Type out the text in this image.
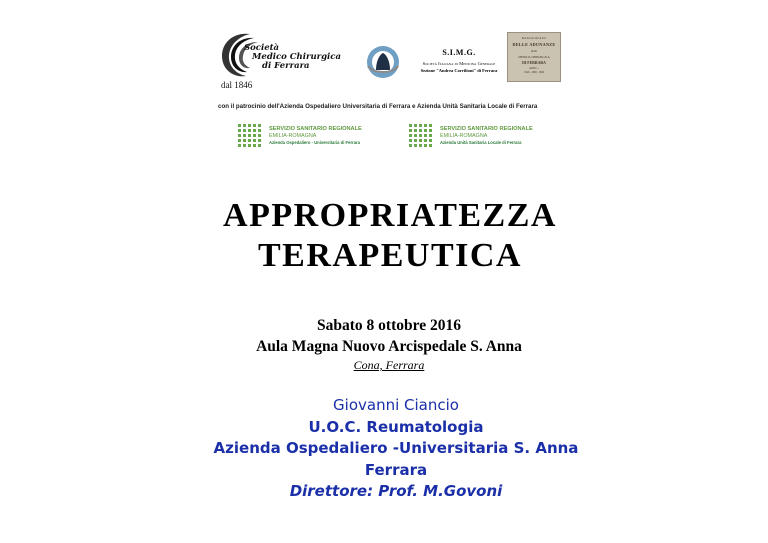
Società
Medico Chirurgica
di Ferrara
dal 1846
S.I.M.G.
Società Italiana di Medicina Generale
Sezione "Andrea Corrilioni" di Ferrara
RAGGUAGLIO
DELLE ADUNANZE
della
MEDICO-CHIRURGICA
DI FERRARA
ANNO ...
1846 - 1848 - 1849
con il patrocinio dell'Azienda Ospedaliero Universitaria di Ferrara e Azienda Unità Sanitaria Locale di Ferrara
SERVIZIO SANITARIO REGIONALE
EMILIA-ROMAGNA
Azienda Ospedaliero - Universitaria di Ferrara
SERVIZIO SANITARIO REGIONALE
EMILIA-ROMAGNA
Azienda Unità Sanitaria Locale di Ferrara
APPROPRIATEZZA
TERAPEUTICA
Sabato 8 ottobre 2016
Aula Magna Nuovo Arcispedale S. Anna
Cona, Ferrara
Giovanni Ciancio
U.O.C. Reumatologia
Azienda Ospedaliero -Universitaria S. Anna
Ferrara
Direttore: Prof. M.Govoni
